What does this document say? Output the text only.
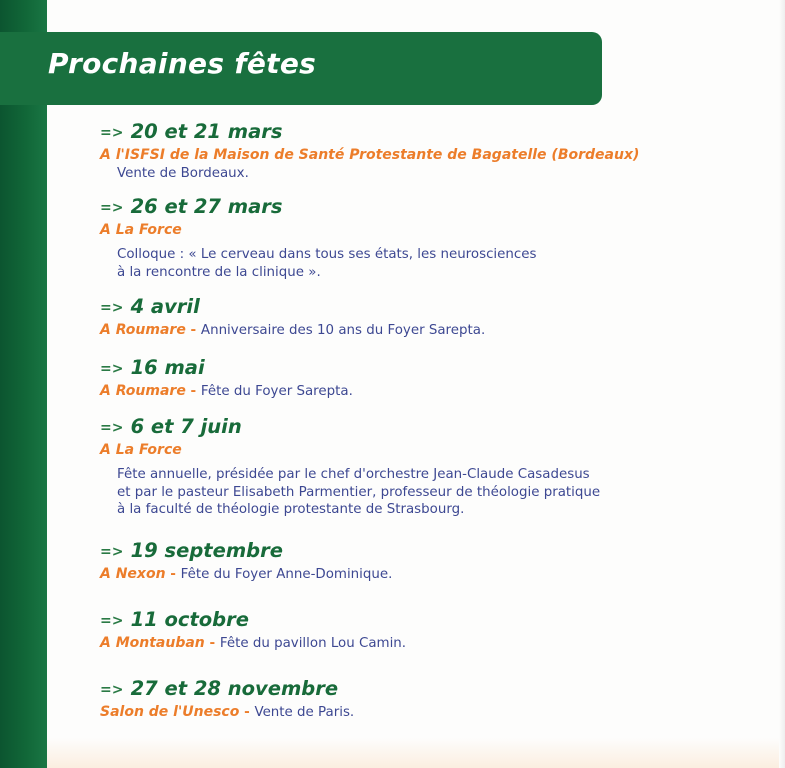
Prochaines fêtes
=> 20 et 21 mars
A l'ISFSI de la Maison de Santé Protestante de Bagatelle (Bordeaux)
Vente de Bordeaux.
=> 26 et 27 mars
A La Force
Colloque : « Le cerveau dans tous ses états, les neurosciences
à la rencontre de la clinique ».
=> 4 avril
A Roumare - Anniversaire des 10 ans du Foyer Sarepta.
=> 16 mai
A Roumare - Fête du Foyer Sarepta.
=> 6 et 7 juin
A La Force
Fête annuelle, présidée par le chef d'orchestre Jean-Claude Casadesus
et par le pasteur Elisabeth Parmentier, professeur de théologie pratique
à la faculté de théologie protestante de Strasbourg.
=> 19 septembre
A Nexon - Fête du Foyer Anne-Dominique.
=> 11 octobre
A Montauban - Fête du pavillon Lou Camin.
=> 27 et 28 novembre
Salon de l'Unesco - Vente de Paris.
